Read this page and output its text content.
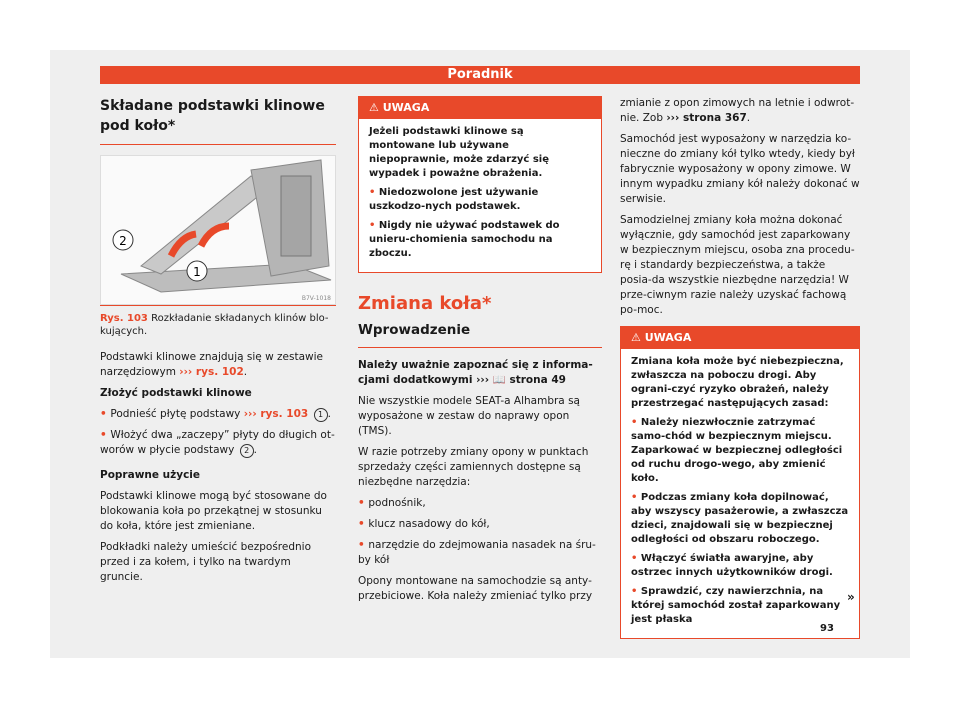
Poradnik
Składane podstawki klinowe pod koło*
2
1
B7V-1018

Rys. 103 Rozkładanie składanych klinów blo-kujących.

Podstawki klinowe znajdują się w zestawie narzędziowym ››› rys. 102.

Złożyć podstawki klinowe

• Podnieść płytę podstawy ››› rys. 103 1 .

• Włożyć dwa „zaczepy” płyty do długich ot-worów w płycie podstawy 2 .

Poprawne użycie

Podstawki klinowe mogą być stosowane do blokowania koła po przekątnej w stosunku do koła, które jest zmieniane.

Podkładki należy umieścić bezpośrednio przed i za kołem, i tylko na twardym gruncie.

⚠ UWAGA

Jeżeli podstawki klinowe są montowane lub używane niepoprawnie, może zdarzyć się wypadek i poważne obrażenia.

• Niedozwolone jest używanie uszkodzo-nych podstawek.

• Nigdy nie używać podstawek do unieru-chomienia samochodu na zboczu.

Zmiana koła*
Wprowadzenie

Należy uważnie zapoznać się z informa-cjami dodatkowymi ››› 📖 strona 49

Nie wszystkie modele SEAT-a Alhambra są wyposażone w zestaw do naprawy opon (TMS).

W razie potrzeby zmiany opony w punktach sprzedaży części zamiennych dostępne są niezbędne narzędzia:

• podnośnik,

• klucz nasadowy do kół,

• narzędzie do zdejmowania nasadek na śru-by kół

Opony montowane na samochodzie są anty-przebiciowe. Koła należy zmieniać tylko przy

zmianie z opon zimowych na letnie i odwrot-nie. Zob ››› strona 367.

Samochód jest wyposażony w narzędzia ko-nieczne do zmiany kół tylko wtedy, kiedy był fabrycznie wyposażony w opony zimowe. W innym wypadku zmiany kół należy dokonać w serwisie.

Samodzielnej zmiany koła można dokonać wyłącznie, gdy samochód jest zaparkowany w bezpiecznym miejscu, osoba zna procedu-rę i standardy bezpieczeństwa, a także posia-da wszystkie niezbędne narzędzia! W prze-ciwnym razie należy uzyskać fachową po-moc.

⚠ UWAGA

Zmiana koła może być niebezpieczna, zwłaszcza na poboczu drogi. Aby ograni-czyć ryzyko obrażeń, należy przestrzegać następujących zasad:

• Należy niezwłocznie zatrzymać samo-chód w bezpiecznym miejscu. Zaparkować w bezpiecznej odległości od ruchu drogo-wego, aby zmienić koło.

• Podczas zmiany koła dopilnować, aby wszyscy pasażerowie, a zwłaszcza dzieci, znajdowali się w bezpiecznej odległości od obszaru roboczego.

• Włączyć światła awaryjne, aby ostrzec innych użytkowników drogi.

• Sprawdzić, czy nawierzchnia, na której samochód został zaparkowany jest płaska

»
93
